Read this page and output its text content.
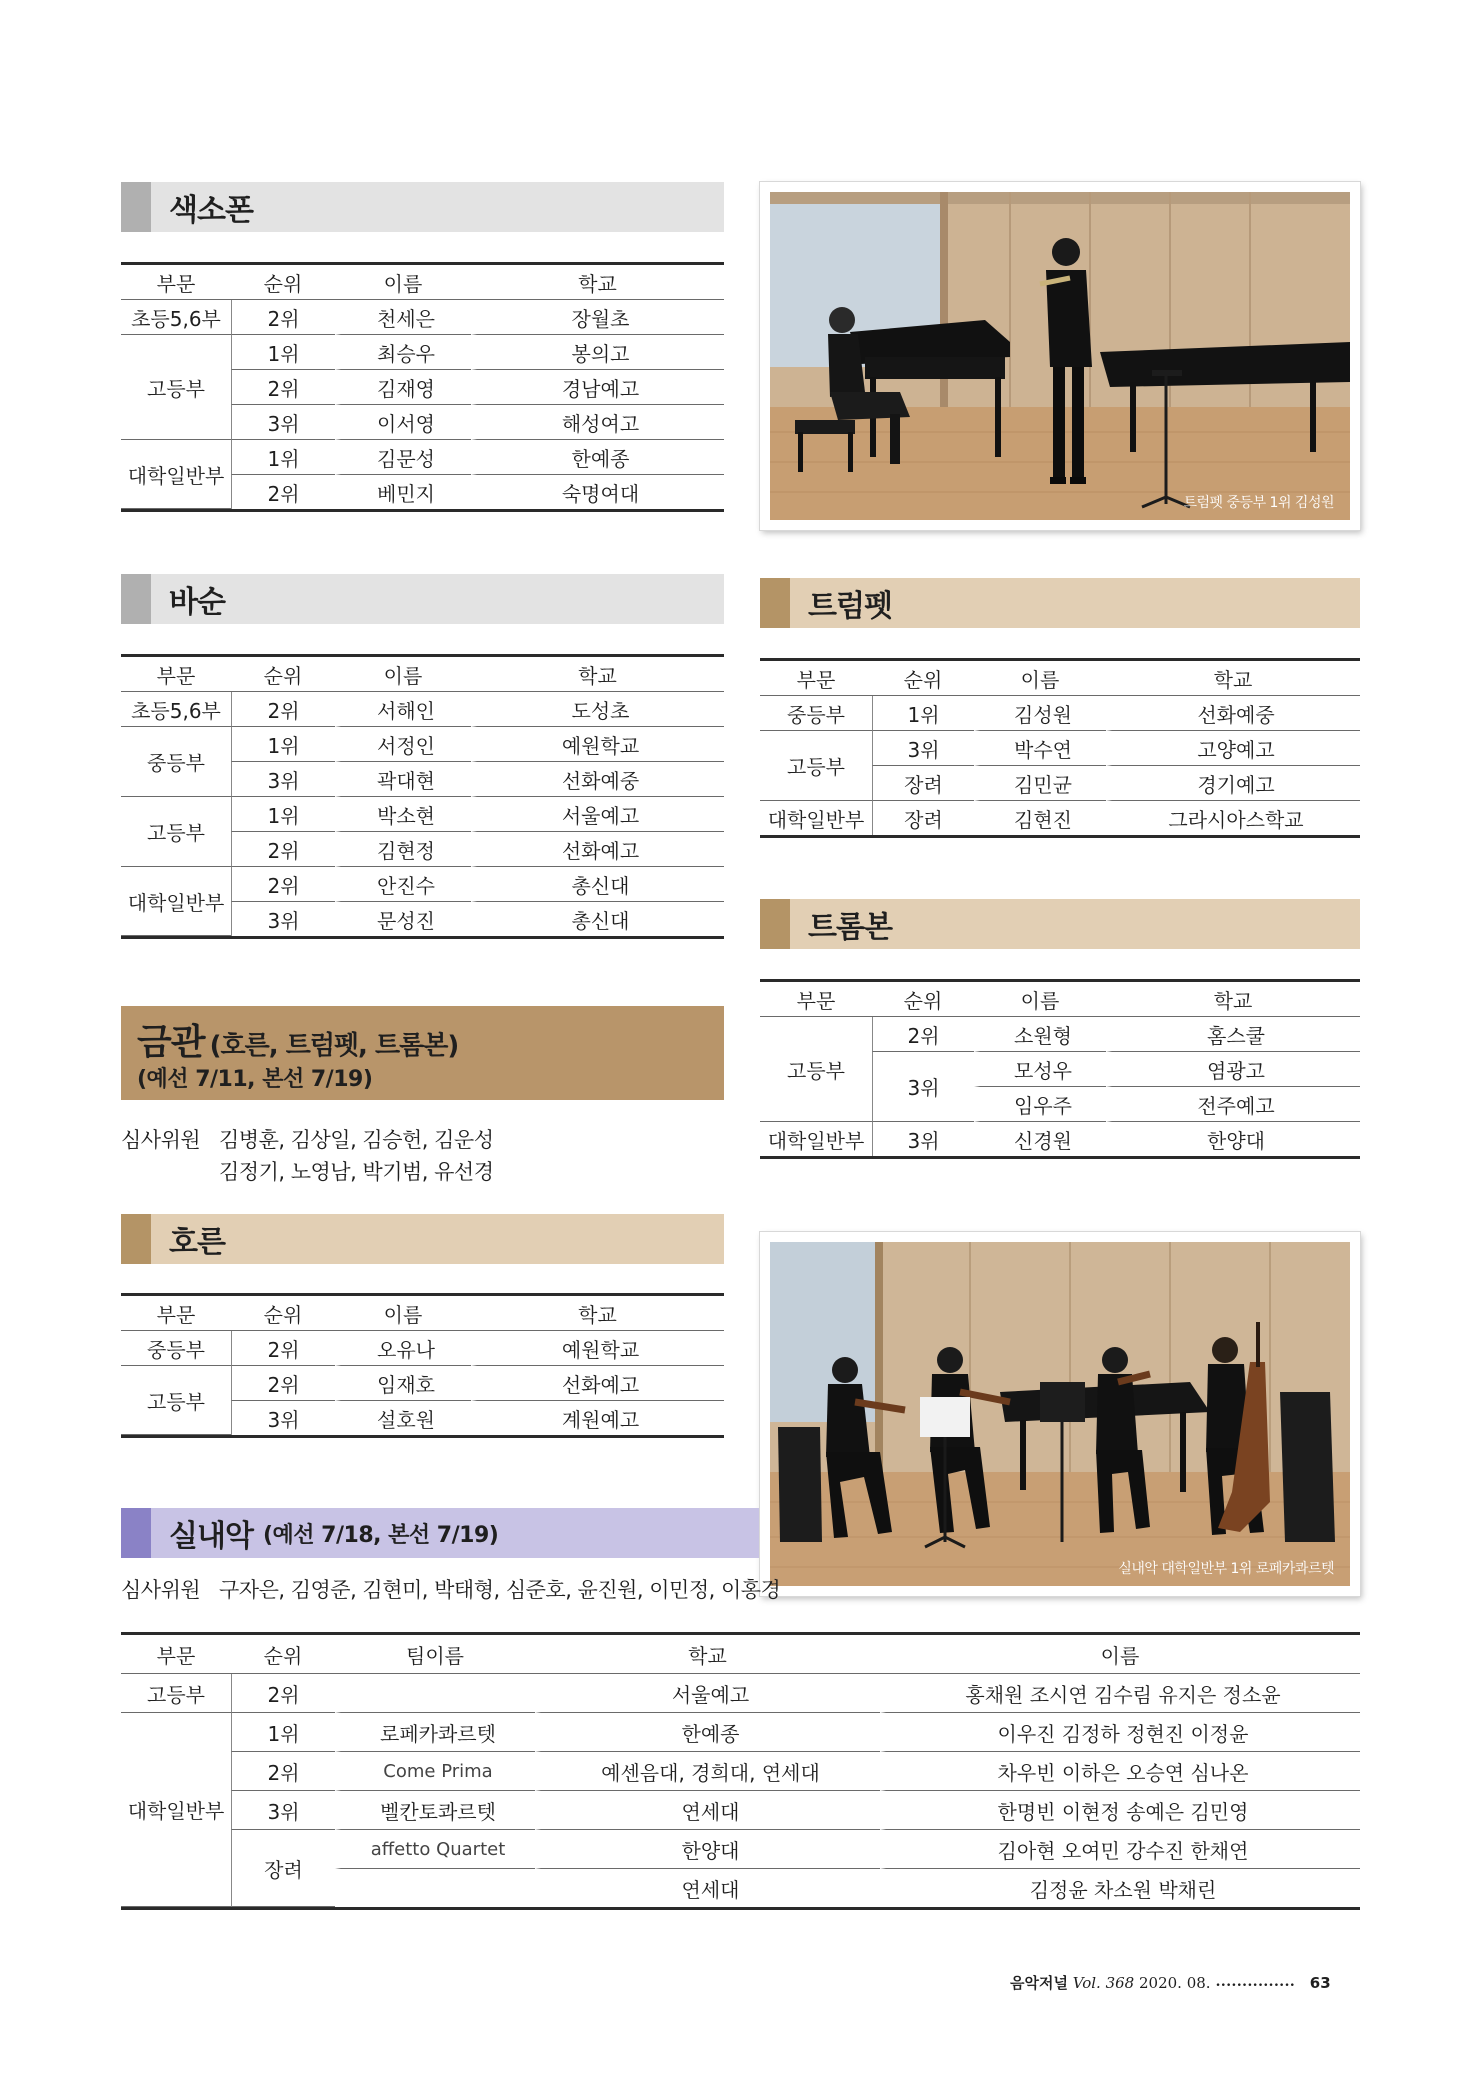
색소폰
부문	순위	이름	학교
초등5,6부	2위	천세은	장월초
고등부	1위	최승우	봉의고
	2위	김재영	경남예고
	3위	이서영	해성여고
대학일반부	1위	김문성	한예종
	2위	베민지	숙명여대
바순
부문	순위	이름	학교
초등5,6부	2위	서해인	도성초
중등부	1위	서정인	예원학교
	3위	곽대현	선화예중
고등부	1위	박소현	서울예고
	2위	김현정	선화예고
대학일반부	2위	안진수	총신대
	3위	문성진	총신대
금관 (호른, 트럼펫, 트롬본)
(예선 7/11, 본선 7/19)
심사위원 김병훈, 김상일, 김승헌, 김운성
김정기, 노영남, 박기범, 유선경
호른
부문	순위	이름	학교
중등부	2위	오유나	예원학교
고등부	2위	임재호	선화예고
	3위	설호원	계원예고
트럼펫 중등부 1위 김성원
트럼펫
부문	순위	이름	학교
중등부	1위	김성원	선화예중
고등부	3위	박수연	고양예고
	장려	김민균	경기예고
대학일반부	장려	김현진	그라시아스학교
트롬본
부문	순위	이름	학교
고등부	2위	소원형	홈스쿨
	3위	모성우	염광고
		임우주	전주예고
대학일반부	3위	신경원	한양대
실내악 대학일반부 1위 로페카콰르텟
실내악 (예선 7/18, 본선 7/19)
심사위원 구자은, 김영준, 김현미, 박태형, 심준호, 윤진원, 이민정, 이홍경
부문	순위	팀이름	학교	이름
고등부	2위		서울예고	홍채원 조시연 김수림 유지은 정소윤
대학일반부	1위	로페카콰르텟	한예종	이우진 김정하 정현진 이정윤
	2위	Come Prima	예센음대, 경희대, 연세대	차우빈 이하은 오승연 심나온
	3위	벨칸토콰르텟	연세대	한명빈 이현정 송예은 김민영
	장려	affetto Quartet	한양대	김아현 오여민 강수진 한채연
			연세대	김정윤 차소원 박채린
음악저널 Vol. 368 2020. 08. ••••••••••••••• 63
